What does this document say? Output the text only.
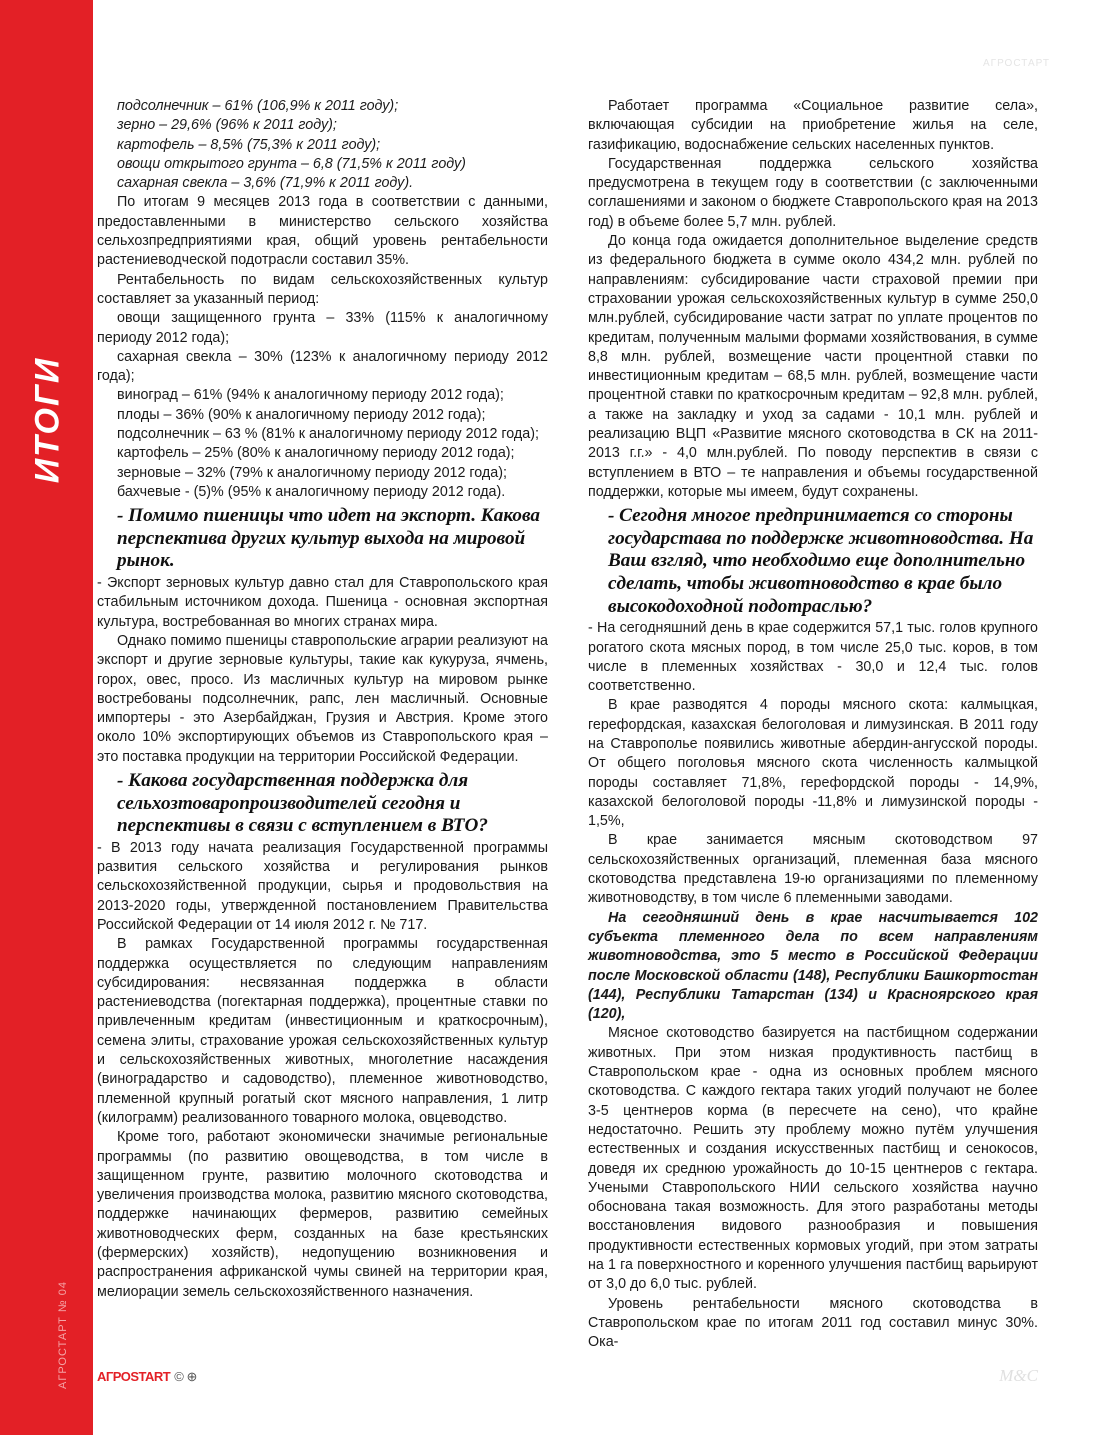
ИТОГИ
АГРОСТАРТ № 04
АГРОСТАРТ

подсолнечник – 61% (106,9% к 2011 году);

зерно – 29,6% (96% к 2011 году);

картофель – 8,5% (75,3% к 2011 году);

овощи открытого грунта – 6,8 (71,5% к 2011 году)

сахарная свекла – 3,6% (71,9% к 2011 году).

По итогам 9 месяцев 2013 года в соответствии с данными, предоставленными в министерство сельского хозяйства сельхозпредприятиями края, общий уровень рентабельности растениеводческой подотрасли составил 35%.

Рентабельность по видам сельскохозяйственных культур составляет за указанный период:

овощи защищенного грунта – 33% (115% к аналогичному периоду 2012 года);

сахарная свекла – 30% (123% к аналогичному периоду 2012 года);

виноград – 61% (94% к аналогичному периоду 2012 года);

плоды – 36% (90% к аналогичному периоду 2012 года);

подсолнечник – 63 % (81% к аналогичному периоду 2012 года);

картофель – 25% (80% к аналогичному периоду 2012 года);

зерновые – 32% (79% к аналогичному периоду 2012 года);

бахчевые - (5)% (95% к аналогичному периоду 2012 года).

- Помимо пшеницы что идет на экспорт. Какова перспектива других культур выхода на мировой рынок.

- Экспорт зерновых культур давно стал для Ставропольского края стабильным источником дохода. Пшеница - основная экспортная культура, востребованная во многих странах мира.

Однако помимо пшеницы ставропольские аграрии реализуют на экспорт и другие зерновые культуры, такие как кукуруза, ячмень, горох, овес, просо. Из масличных культур на мировом рынке востребованы подсолнечник, рапс, лен масличный. Основные импортеры - это Азербайджан, Грузия и Австрия. Кроме этого около 10% экспортирующих объемов из Ставропольского края – это поставка продукции на территории Российской Федерации.

- Какова государственная поддержка для сельхозтоваропроизводителей сегодня и перспективы в связи с вступлением в ВТО?

- В 2013 году начата реализация Государственной программы развития сельского хозяйства и регулирования рынков сельскохозяйственной продукции, сырья и продовольствия на 2013-2020 годы, утвержденной постановлением Правительства Российской Федерации от 14 июля 2012 г. № 717.

В рамках Государственной программы государственная поддержка осуществляется по следующим направлениям субсидирования: несвязанная поддержка в области растениеводства (погектарная поддержка), процентные ставки по привлеченным кредитам (инвестиционным и краткосрочным), семена элиты, страхование урожая сельскохозяйственных культур и сельскохозяйственных животных, многолетние насаждения (виноградарство и садоводство), племенное животноводство, племенной крупный рогатый скот мясного направления, 1 литр (килограмм) реализованного товарного молока, овцеводство.

Кроме того, работают экономически значимые региональные программы (по развитию овощеводства, в том числе в защищенном грунте, развитию молочного скотоводства и увеличения производства молока, развитию мясного скотоводства, поддержке начинающих фермеров, развитию семейных животноводческих ферм, созданных на базе крестьянских (фермерских) хозяйств), недопущению возникновения и распространения африканской чумы свиней на территории края, мелиорации земель сельскохозяйственного назначения.

Работает программа «Социальное развитие села», включающая субсидии на приобретение жилья на селе, газификацию, водоснабжение сельских населенных пунктов.

Государственная поддержка сельского хозяйства предусмотрена в текущем году в соответствии (с заключенными соглашениями и законом о бюджете Ставропольского края на 2013 год) в объеме более 5,7 млн. рублей.

До конца года ожидается дополнительное выделение средств из федерального бюджета в сумме около 434,2 млн. рублей по направлениям: субсидирование части страховой премии при страховании урожая сельскохозяйственных культур в сумме 250,0 млн.рублей, субсидирование части затрат по уплате процентов по кредитам, полученным малыми формами хозяйствования, в сумме 8,8 млн. рублей, возмещение части процентной ставки по инвестиционным кредитам – 68,5 млн. рублей, возмещение части процентной ставки по краткосрочным кредитам – 92,8 млн. рублей, а также на закладку и уход за садами - 10,1 млн. рублей и реализацию ВЦП «Развитие мясного скотоводства в СК на 2011-2013 г.г.» - 4,0 млн.рублей. По поводу перспектив в связи с вступлением в ВТО – те направления и объемы государственной поддержки, которые мы имеем, будут сохранены.

- Сегодня многое предпринимается со стороны государстава по поддержке животноводства. На Ваш взгляд, что необходимо еще дополнительно сделать, чтобы животноводство в крае было высокодоходной подотраслью?

- На сегодняшний день в крае содержится 57,1 тыс. голов крупного рогатого скота мясных пород, в том числе 25,0 тыс. коров, в том числе в племенных хозяйствах - 30,0 и 12,4 тыс. голов соответственно.

В крае разводятся 4 породы мясного скота: калмыцкая, герефордская, казахская белоголовая и лимузинская. В 2011 году на Ставрополье появились животные абердин-ангусской породы. От общего поголовья мясного скота численность калмыцкой породы составляет 71,8%, герефордской породы - 14,9%, казахской белоголовой породы -11,8% и лимузинской породы - 1,5%,

В крае занимается мясным скотоводством 97 сельскохозяйственных организаций, племенная база мясного скотоводства представлена 19-ю организациями по племенному животноводству, в том числе 6 племенными заводами.

На сегодняшний день в крае насчитывается 102 субъекта племенного дела по всем направлениям животноводства, это 5 место в Российской Федерации после Московской области (148), Республики Башкортостан (144), Республики Татарстан (134) и Красноярского края (120),

Мясное скотоводство базируется на пастбищном содержании животных. При этом низкая продуктивность пастбищ в Ставропольском крае - одна из основных проблем мясного скотоводства. С каждого гектара таких угодий получают не более 3-5 центнеров корма (в пересчете на сено), что крайне недостаточно. Решить эту проблему можно путём улучшения естественных и создания искусственных пастбищ и сенокосов, доведя их среднюю урожайность до 10-15 центнеров с гектара. Учеными Ставропольского НИИ сельского хозяйства научно обоснована такая возможность. Для этого разработаны методы восстановления видового разнообразия и повышения продуктивности естественных кормовых угодий, при этом затраты на 1 га поверхностного и коренного улучшения пастбищ варьируют от 3,0 до 6,0 тыс. рублей.

Уровень рентабельности мясного скотоводства в Ставропольском крае по итогам 2011 год составил минус 30%. Ока-

АГРОSTART © ⊕	М&С
